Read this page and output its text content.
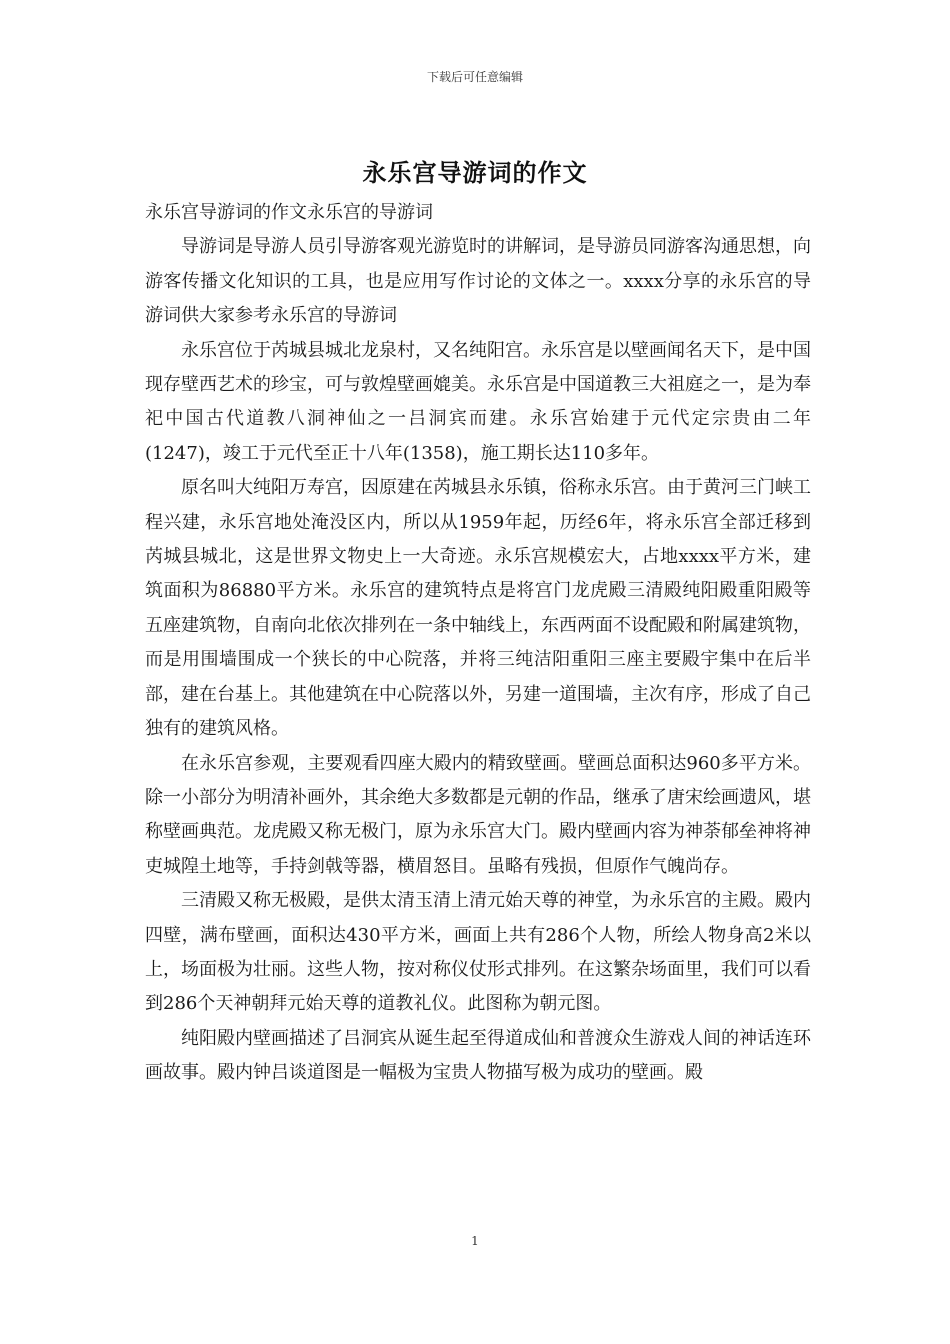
下载后可任意编辑
永乐宫导游词的作文

永乐宫导游词的作文永乐宫的导游词

导游词是导游人员引导游客观光游览时的讲解词，是导游员同游客沟通思想，向游客传播文化知识的工具，也是应用写作讨论的文体之一。xxxx分享的永乐宫的导游词供大家参考永乐宫的导游词

永乐宫位于芮城县城北龙泉村，又名纯阳宫。永乐宫是以壁画闻名天下，是中国现存壁西艺术的珍宝，可与敦煌壁画媲美。永乐宫是中国道教三大祖庭之一，是为奉祀中国古代道教八洞神仙之一吕洞宾而建。永乐宫始建于元代定宗贵由二年(1247)，竣工于元代至正十八年(1358)，施工期长达110多年。

原名叫大纯阳万寿宫，因原建在芮城县永乐镇，俗称永乐宫。由于黄河三门峡工程兴建，永乐宫地处淹没区内，所以从1959年起，历经6年，将永乐宫全部迁移到芮城县城北，这是世界文物史上一大奇迹。永乐宫规模宏大，占地xxxx平方米，建筑面积为86880平方米。永乐宫的建筑特点是将宫门龙虎殿三清殿纯阳殿重阳殿等五座建筑物，自南向北依次排列在一条中轴线上，东西两面不设配殿和附属建筑物，而是用围墙围成一个狭长的中心院落，并将三纯洁阳重阳三座主要殿宇集中在后半部，建在台基上。其他建筑在中心院落以外，另建一道围墙，主次有序，形成了自己独有的建筑风格。

在永乐宫参观，主要观看四座大殿内的精致壁画。壁画总面积达960多平方米。除一小部分为明清补画外，其余绝大多数都是元朝的作品，继承了唐宋绘画遗风，堪称壁画典范。龙虎殿又称无极门，原为永乐宫大门。殿内壁画内容为神荼郁垒神将神吏城隍土地等，手持剑戟等器，横眉怒目。虽略有残损，但原作气魄尚存。

三清殿又称无极殿，是供太清玉清上清元始天尊的神堂，为永乐宫的主殿。殿内四壁，满布壁画，面积达430平方米，画面上共有286个人物，所绘人物身高2米以上，场面极为壮丽。这些人物，按对称仪仗形式排列。在这繁杂场面里，我们可以看到286个天神朝拜元始天尊的道教礼仪。此图称为朝元图。

纯阳殿内壁画描述了吕洞宾从诞生起至得道成仙和普渡众生游戏人间的神话连环画故事。殿内钟吕谈道图是一幅极为宝贵人物描写极为成功的壁画。殿

1
